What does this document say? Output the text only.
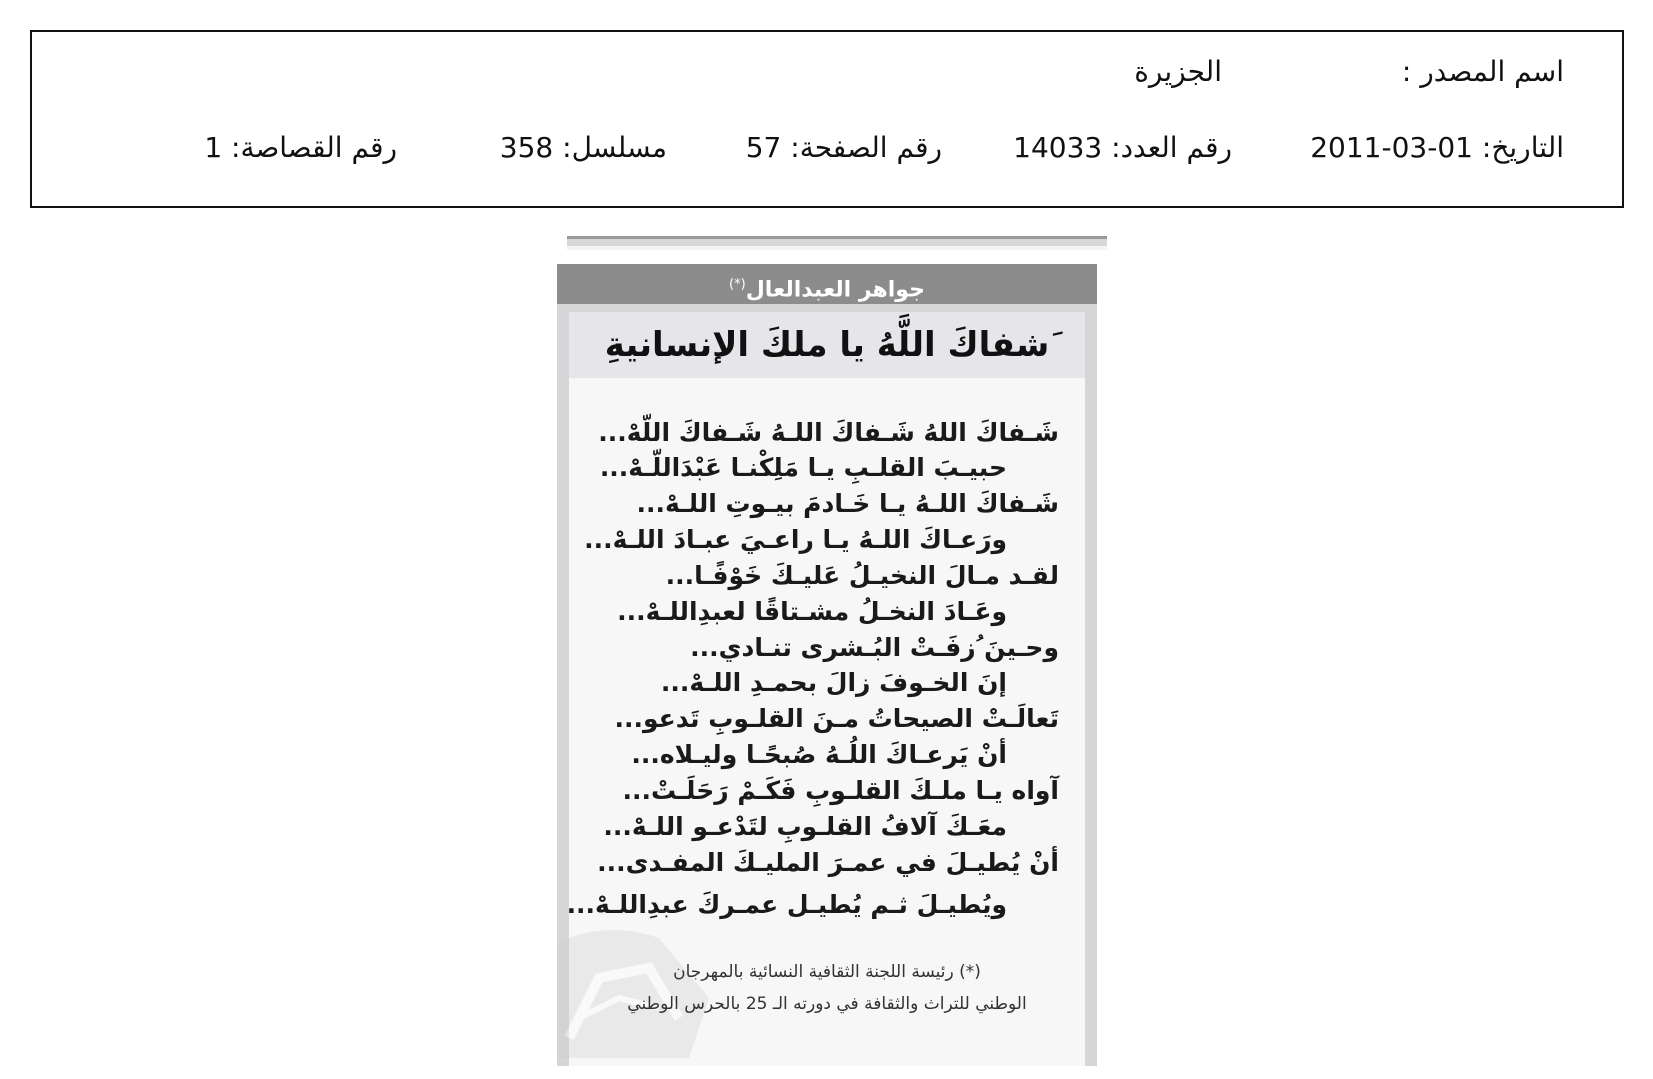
اسم المصدر :
الجزيرة
التاريخ: 01-03-2011
رقم العدد: 14033
رقم الصفحة: 57
مسلسل: 358
رقم القصاصة: 1
جواهر العبدالعال(*)
َشفاكَ اللَّهُ يا ملكَ الإنسانيةِ
شَـفاكَ اللهُ شَـفاكَ اللـهُ شَـفاكَ اللّهْ...
حبيـبَ القلـبِ يـا مَلِكْنـا عَبْدَاللّـهْ...
شَـفاكَ اللـهُ يـا خَـادمَ بيـوتِ اللـهْ...
ورَعـاكَ اللـهُ يـا راعـيَ عبـادَ اللـهْ...
لقـد مـالَ النخيـلُ عَليـكَ خَوْفًـا...
وعَـادَ النخـلُ مشـتاقًا لعبدِاللـهْ...
وحـينَ ُزفَـتْ البُـشرى تنـادي...
إنَ الخـوفَ زالَ بحمـدِ اللـهْ...
تَعالَـتْ الصيحاتُ مـنَ القلـوبِ تَدعو...
أنْ يَرعـاكَ اللُـهُ صُبحًـا وليـلاه...
آواه يـا ملـكَ القلـوبِ فَكَـمْ رَحَلَـتْ...
معَـكَ آلافُ القلـوبِ لتَدْعـو اللـهْ...
أنْ يُطيـلَ في عمـرَ المليـكَ المفـدى...
ويُطيـلَ ثـم يُطيـل عمـركَ عبدِاللـهْ...
(*) رئيسة اللجنة الثقافية النسائية بالمهرجان
الوطني للتراث والثقافة في دورته الـ 25 بالحرس الوطني
